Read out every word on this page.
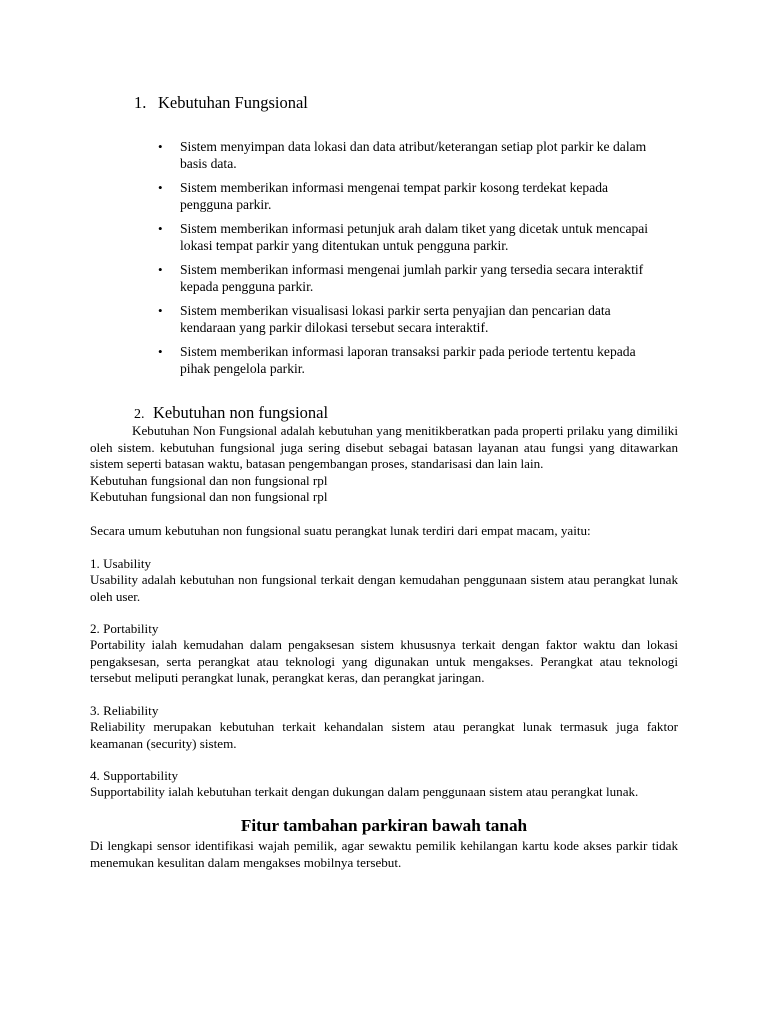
1. Kebutuhan Fungsional
• Sistem menyimpan data lokasi dan data atribut/keterangan setiap plot parkir ke dalam basis data.
• Sistem memberikan informasi mengenai tempat parkir kosong terdekat kepada pengguna parkir.
• Sistem memberikan informasi petunjuk arah dalam tiket yang dicetak untuk mencapai lokasi tempat parkir yang ditentukan untuk pengguna parkir.
• Sistem memberikan informasi mengenai jumlah parkir yang tersedia secara interaktif kepada pengguna parkir.
• Sistem memberikan visualisasi lokasi parkir serta penyajian dan pencarian data kendaraan yang parkir dilokasi tersebut secara interaktif.
• Sistem memberikan informasi laporan transaksi parkir pada periode tertentu kepada pihak pengelola parkir.
2. Kebutuhan non fungsional
Kebutuhan Non Fungsional adalah kebutuhan yang menitikberatkan pada properti prilaku yang dimiliki oleh sistem. kebutuhan fungsional juga sering disebut sebagai batasan layanan atau fungsi yang ditawarkan sistem seperti batasan waktu, batasan pengembangan proses, standarisasi dan lain lain.
Kebutuhan fungsional dan non fungsional rpl
Kebutuhan fungsional dan non fungsional rpl
Secara umum kebutuhan non fungsional suatu perangkat lunak terdiri dari empat macam, yaitu:
1. Usability
Usability adalah kebutuhan non fungsional terkait dengan kemudahan penggunaan sistem atau perangkat lunak oleh user.
2. Portability
Portability ialah kemudahan dalam pengaksesan sistem khususnya terkait dengan faktor waktu dan lokasi pengaksesan, serta perangkat atau teknologi yang digunakan untuk mengakses. Perangkat atau teknologi tersebut meliputi perangkat lunak, perangkat keras, dan perangkat jaringan.
3. Reliability
Reliability merupakan kebutuhan terkait kehandalan sistem atau perangkat lunak termasuk juga faktor keamanan (security) sistem.
4. Supportability
Supportability ialah kebutuhan terkait dengan dukungan dalam penggunaan sistem atau perangkat lunak.
Fitur tambahan parkiran bawah tanah
Di lengkapi sensor identifikasi wajah pemilik, agar sewaktu pemilik kehilangan kartu kode akses parkir tidak menemukan kesulitan dalam mengakses mobilnya tersebut.
